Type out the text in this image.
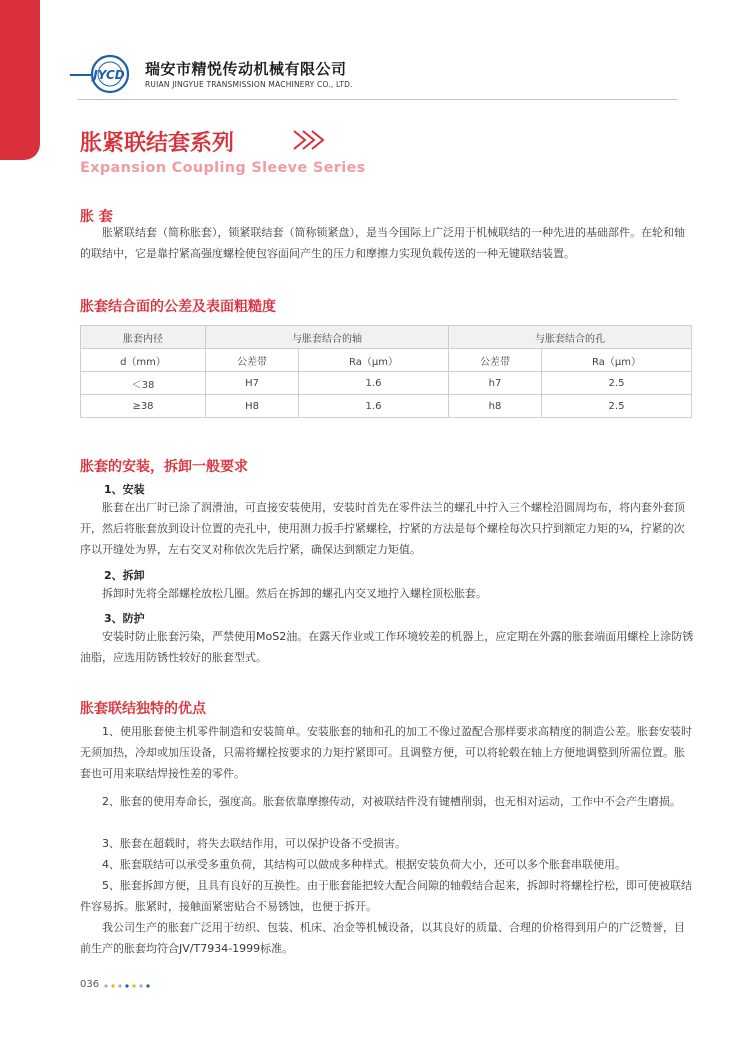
JYCD 瑞安市精悦传动机械有限公司
RUIAN JINGYUE TRANSMISSION MACHINERY CO., LTD.
胀紧联结套系列
Expansion Coupling Sleeve Series
胀 套

胀紧联结套（简称胀套），锁紧联结套（简称锁紧盘），是当今国际上广泛用于机械联结的一种先进的基础部件。在轮和轴的联结中，它是靠拧紧高强度螺栓使包容面间产生的压力和摩擦力实现负载传送的一种无键联结装置。

胀套结合面的公差及表面粗糙度
胀套内径	与胀套结合的轴		与胀套结合的孔	
d（mm）	公差带	Ra（μm）	公差带	Ra（μm）
＜38	H7	1.6	h7	2.5
≥38	H8	1.6	h8	2.5
胀套的安装，拆卸一般要求
1、安装

胀套在出厂时已涂了润滑油，可直接安装使用，安装时首先在零件法兰的螺孔中拧入三个螺栓沿圆周均布，将内套外套顶开，然后将胀套放到设计位置的壳孔中，使用测力扳手拧紧螺栓，拧紧的方法是每个螺栓每次只拧到额定力矩的¼，拧紧的次序以开缝处为界，左右交叉对称依次先后拧紧，确保达到额定力矩值。

2、拆卸

拆卸时先将全部螺栓放松几圈。然后在拆卸的螺孔内交叉地拧入螺栓顶松胀套。

3、防护

安装时防止胀套污染，严禁使用MoS2油。在露天作业或工作环境较差的机器上，应定期在外露的胀套端面用螺栓上涂防锈油脂，应选用防锈性较好的胀套型式。

胀套联结独特的优点

1、使用胀套使主机零件制造和安装简单。安装胀套的轴和孔的加工不像过盈配合那样要求高精度的制造公差。胀套安装时无须加热，冷却或加压设备，只需将螺栓按要求的力矩拧紧即可。且调整方便，可以将轮毂在轴上方便地调整到所需位置。胀套也可用来联结焊接性差的零件。

2、胀套的使用寿命长，强度高。胀套依靠摩擦传动，对被联结件没有键槽削弱，也无相对运动，工作中不会产生磨损。

3、胀套在超载时，将失去联结作用，可以保护设备不受损害。

4、胀套联结可以承受多重负荷，其结构可以做成多种样式。根据安装负荷大小，还可以多个胀套串联使用。

5、胀套拆卸方便，且具有良好的互换性。由于胀套能把较大配合间隙的轴毂结合起来，拆卸时将螺栓拧松，即可使被联结件容易拆。胀紧时，接触面紧密贴合不易锈蚀，也便于拆开。

我公司生产的胀套广泛用于纺织、包装、机床、冶金等机械设备，以其良好的质量、合理的价格得到用户的广泛赞誉，目前生产的胀套均符合JV/T7934-1999标准。

036
